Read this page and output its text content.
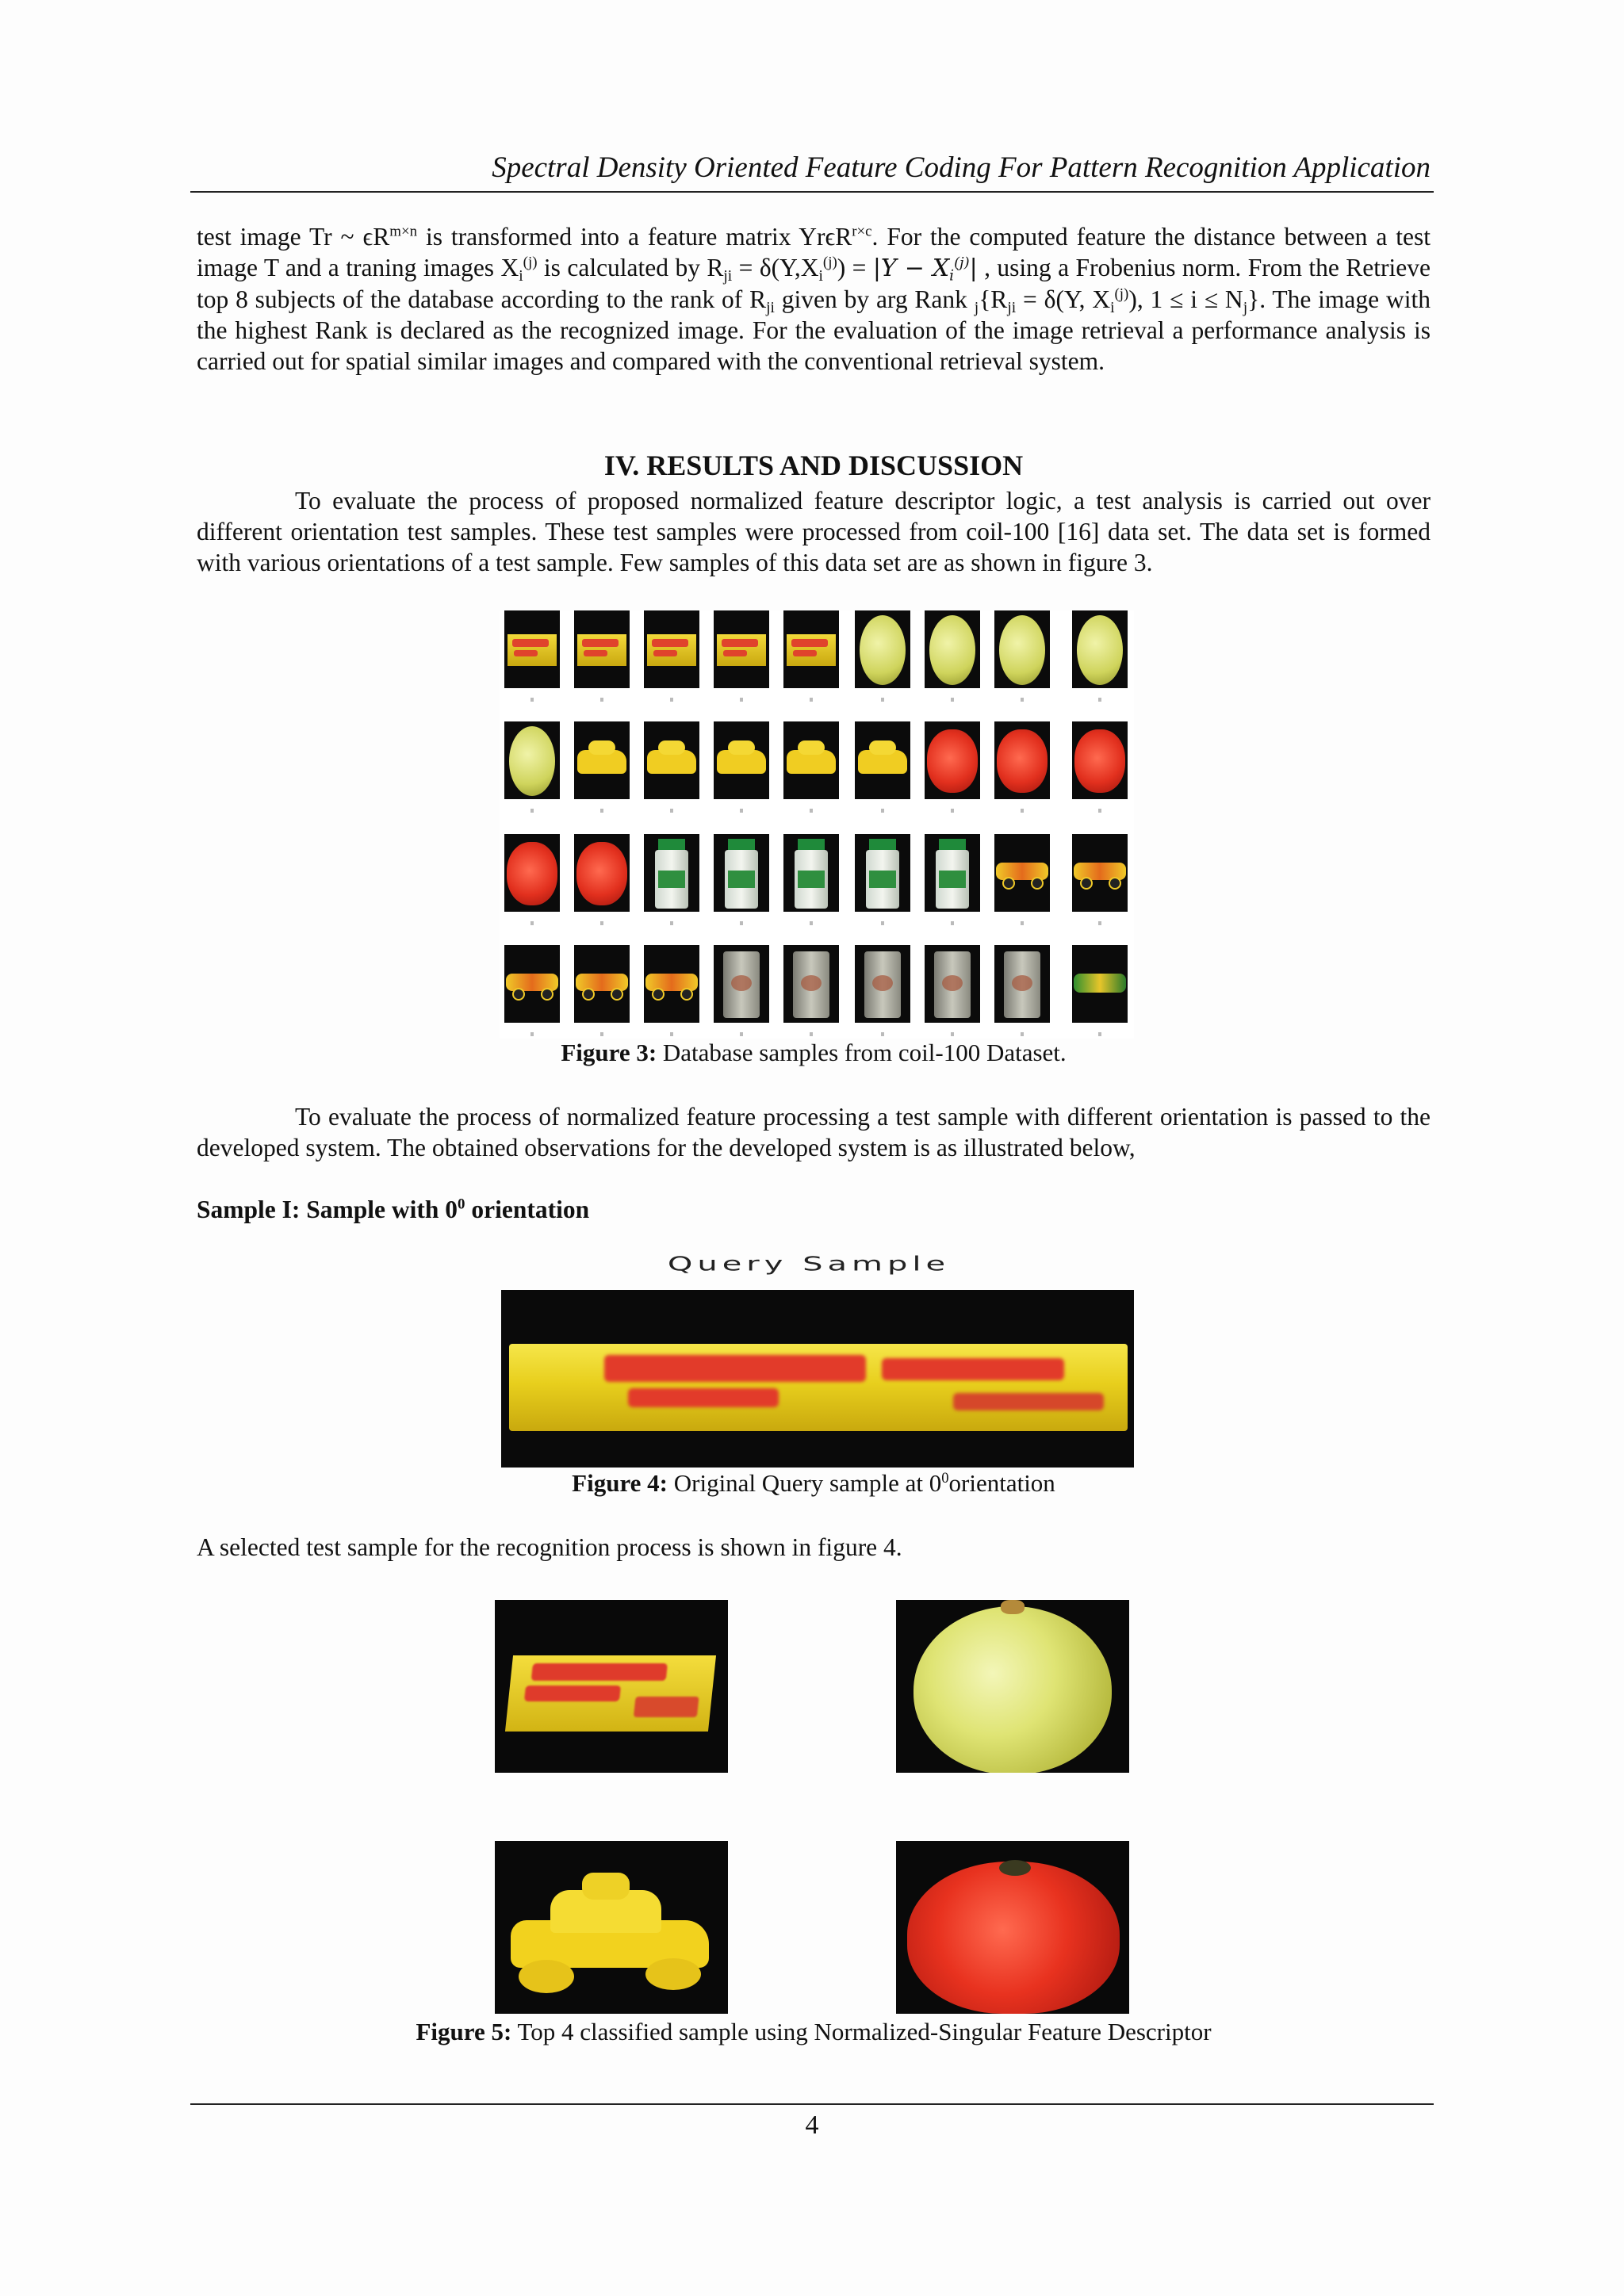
Spectral Density Oriented Feature Coding For Pattern Recognition Application

test image Tr ~ $\epsilon R^{m\times n}$ is transformed into a feature matrix YrϵR$^{r\times c}$. For the computed feature the distance between a test image T and a traning images $X_i^{(j)}$ is calculated by $R_{ji} = \delta(Y,X_i^{(j)}) = |Y - X_i^{(j)}|$ , using a Frobenius norm. From the Retrieve top 8 subjects of the database according to the rank of $R_{ji}$ given by arg Rank $_j\{R_{ji} = \delta(Y$, $X_i^{(j)}$), $1 \le i \le N_j$}. The image with the highest Rank is declared as the recognized image. For the evaluation of the image retrieval a performance analysis is carried out for spatial similar images and compared with the conventional retrieval system.

IV. RESULTS AND DISCUSSION

To evaluate the process of proposed normalized feature descriptor logic, a test analysis is carried out over different orientation test samples. These test samples were processed from coil-100 [16] data set. The data set is formed with various orientations of a test sample. Few samples of this data set are as shown in figure 3.

Figure 3: Database samples from coil-100 Dataset.

To evaluate the process of normalized feature processing a test sample with different orientation is passed to the developed system. The obtained observations for the developed system is as illustrated below,

Sample I: Sample with $0^0$ orientation
Query Sample
Figure 4: Original Query sample at $0^0orientation$

A selected test sample for the recognition process is shown in figure 4.

Figure 5: Top 4 classified sample using Normalized-Singular Feature Descriptor
4
